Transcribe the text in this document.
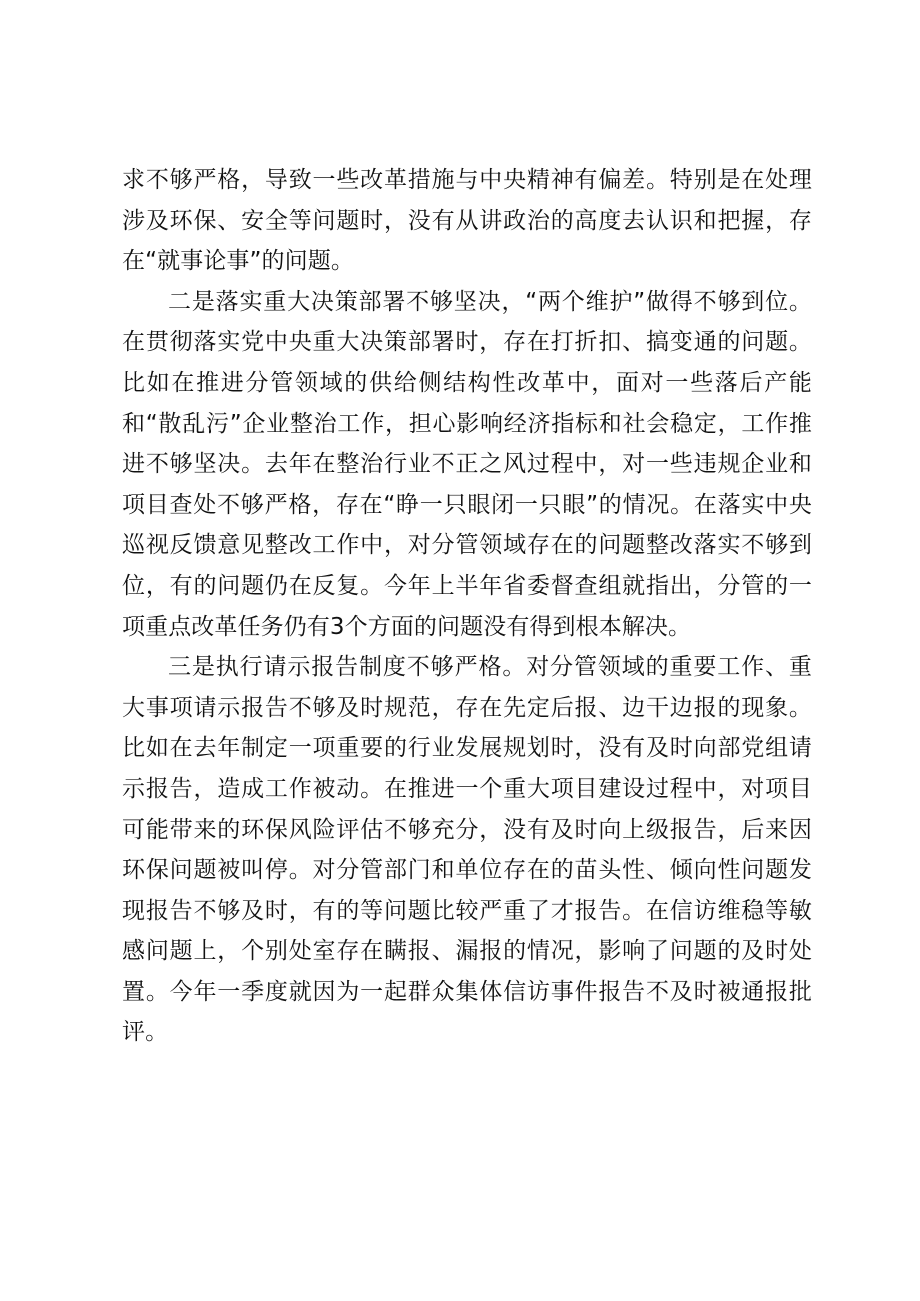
求不够严格，导致一些改革措施与中央精神有偏差。特别是在处理涉及环保、安全等问题时，没有从讲政治的高度去认识和把握，存在“就事论事”的问题。

二是落实重大决策部署不够坚决，“两个维护”做得不够到位。在贯彻落实党中央重大决策部署时，存在打折扣、搞变通的问题。比如在推进分管领域的供给侧结构性改革中，面对一些落后产能和“散乱污”企业整治工作，担心影响经济指标和社会稳定，工作推进不够坚决。去年在整治行业不正之风过程中，对一些违规企业和项目查处不够严格，存在“睁一只眼闭一只眼”的情况。在落实中央巡视反馈意见整改工作中，对分管领域存在的问题整改落实不够到位，有的问题仍在反复。今年上半年省委督查组就指出，分管的一项重点改革任务仍有3个方面的问题没有得到根本解决。

三是执行请示报告制度不够严格。对分管领域的重要工作、重大事项请示报告不够及时规范，存在先定后报、边干边报的现象。比如在去年制定一项重要的行业发展规划时，没有及时向部党组请示报告，造成工作被动。在推进一个重大项目建设过程中，对项目可能带来的环保风险评估不够充分，没有及时向上级报告，后来因环保问题被叫停。对分管部门和单位存在的苗头性、倾向性问题发现报告不够及时，有的等问题比较严重了才报告。在信访维稳等敏感问题上，个别处室存在瞒报、漏报的情况，影响了问题的及时处置。今年一季度就因为一起群众集体信访事件报告不及时被通报批评。
